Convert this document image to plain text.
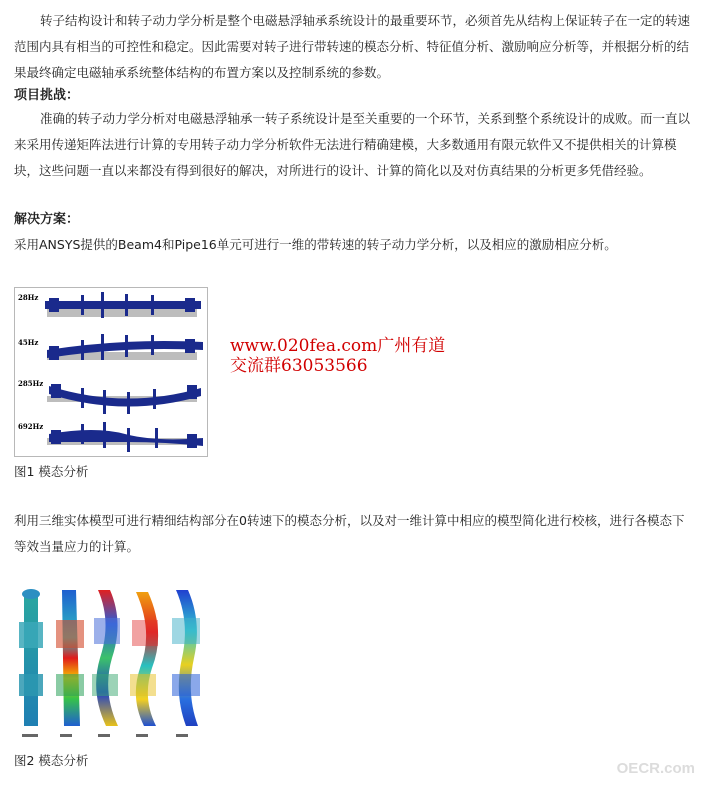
转子结构设计和转子动力学分析是整个电磁悬浮轴承系统设计的最重要环节，必须首先从结构上保证转子在一定的转速范围内具有相当的可控性和稳定。因此需要对转子进行带转速的模态分析、特征值分析、激励响应分析等，并根据分析的结果最终确定电磁轴承系统整体结构的布置方案以及控制系统的参数。

项目挑战：

准确的转子动力学分析对电磁悬浮轴承一转子系统设计是至关重要的一个环节，关系到整个系统设计的成败。而一直以来采用传递矩阵法进行计算的专用转子动力学分析软件无法进行精确建模，大多数通用有限元软件又不提供相关的计算模块，这些问题一直以来都没有得到很好的解决，对所进行的设计、计算的简化以及对仿真结果的分析更多凭借经验。

解决方案：

采用ANSYS提供的Beam4和Pipe16单元可进行一维的带转速的转子动力学分析，以及相应的激励相应分析。

28Hz
45Hz
285Hz
692Hz
www.020fea.com广州有道
交流群63053566
图1 模态分析

利用三维实体模型可进行精细结构部分在0转速下的模态分析，以及对一维计算中相应的模型简化进行校核，进行各模态下等效当量应力的计算。

图2 模态分析	OECR.com
